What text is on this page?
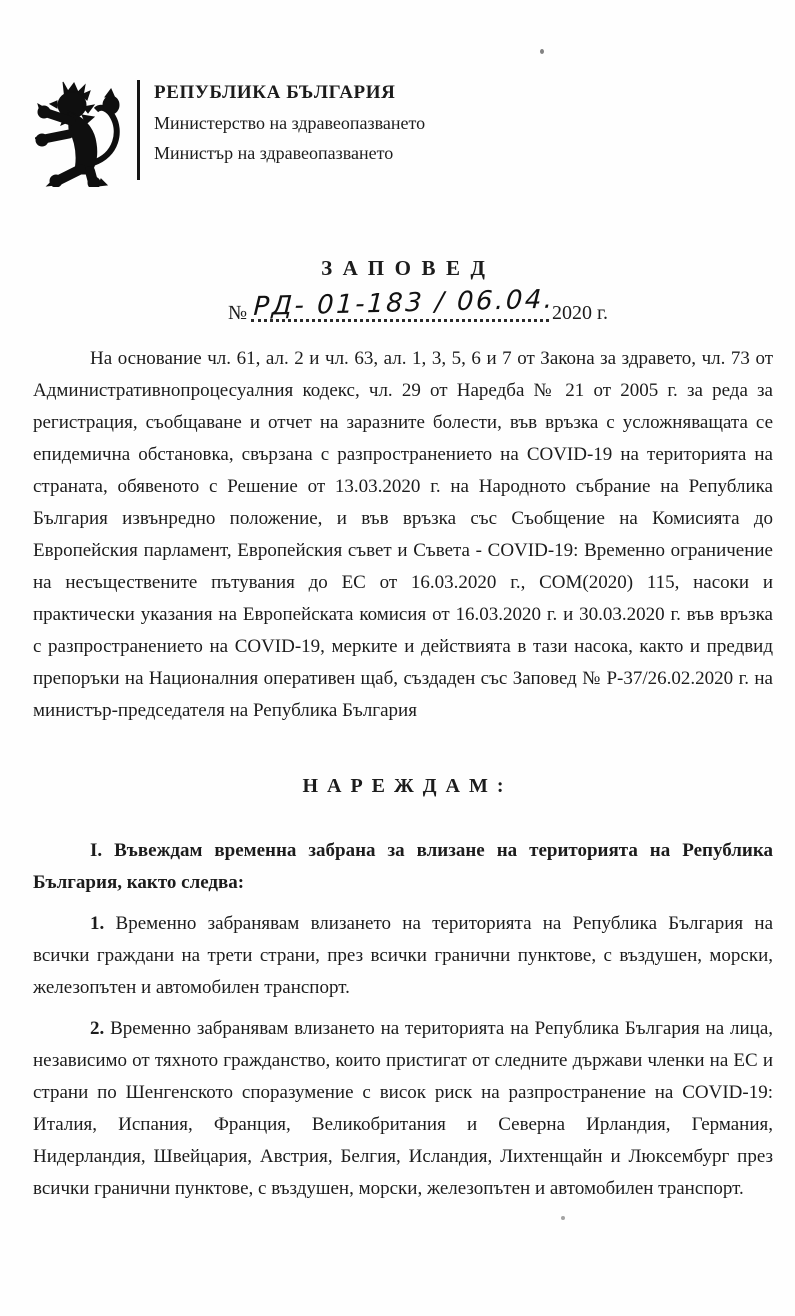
РЕПУБЛИКА БЪЛГАРИЯ
Министерство на здравеопазването
Министър на здравеопазването
ЗАПОВЕД
№ РД- 01-183 / 06.04.
2020 г.

На основание чл. 61, ал. 2 и чл. 63, ал. 1, 3, 5, 6 и 7 от Закона за здравето, чл. 73 от Административнопроцесуалния кодекс, чл. 29 от Наредба № 21 от 2005 г. за реда за регистрация, съобщаване и отчет на заразните болести, във връзка с усложняващата се епидемична обстановка, свързана с разпространението на COVID-19 на територията на страната, обявеното с Решение от 13.03.2020 г. на Народното събрание на Република България извънредно положение, и във връзка със Съобщение на Комисията до Европейския парламент, Европейския съвет и Съвета - COVID-19: Временно ограничение на несъществените пътувания до ЕС от 16.03.2020 г., COM(2020) 115, насоки и практически указания на Европейската комисия от 16.03.2020 г. и 30.03.2020 г. във връзка с разпространението на COVID-19, мерките и действията в тази насока, както и предвид препоръки на Националния оперативен щаб, създаден със Заповед № Р-37/26.02.2020 г. на министър-председателя на Република България

НАРЕЖДАМ:

I. Въвеждам временна забрана за влизане на територията на Република България, както следва:

1. Временно забранявам влизането на територията на Република България на всички граждани на трети страни, през всички гранични пунктове, с въздушен, морски, железопътен и автомобилен транспорт.

2. Временно забранявам влизането на територията на Република България на лица, независимо от тяхното гражданство, които пристигат от следните държави членки на ЕС и страни по Шенгенското споразумение с висок риск на разпространение на COVID-19: Италия, Испания, Франция, Великобритания и Северна Ирландия, Германия, Нидерландия, Швейцария, Австрия, Белгия, Исландия, Лихтенщайн и Люксембург през всички гранични пунктове, с въздушен, морски, железопътен и автомобилен транспорт.
